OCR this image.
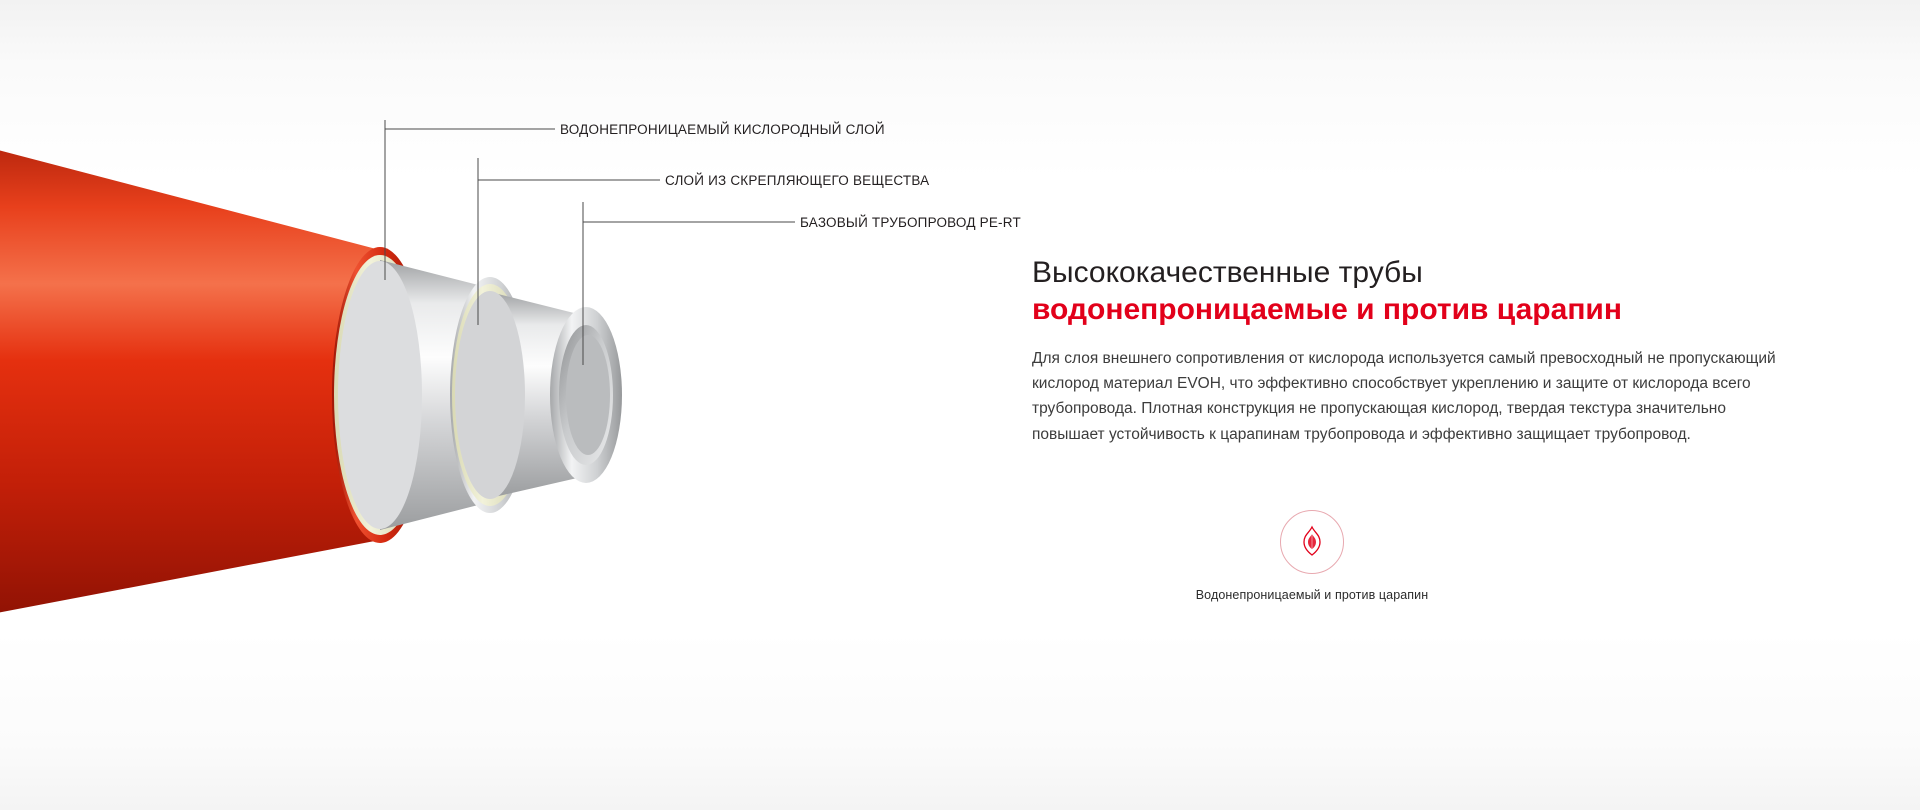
ВОДОНЕПРОНИЦАЕМЫЙ КИСЛОРОДНЫЙ СЛОЙ
СЛОЙ ИЗ СКРЕПЛЯЮЩЕГО ВЕЩЕСТВА
БАЗОВЫЙ ТРУБОПРОВОД PE-RT
Высококачественные трубы
водонепроницаемые и против царапин

Для слоя внешнего сопротивления от кислорода используется самый превосходный не пропускающий кислород материал EVOH, что эффективно способствует укреплению и защите от кислорода всего трубопровода. Плотная конструкция не пропускающая кислород, твердая текстура значительно повышает устойчивость к царапинам трубопровода и эффективно защищает трубопровод.

Водонепроницаемый и против царапин
